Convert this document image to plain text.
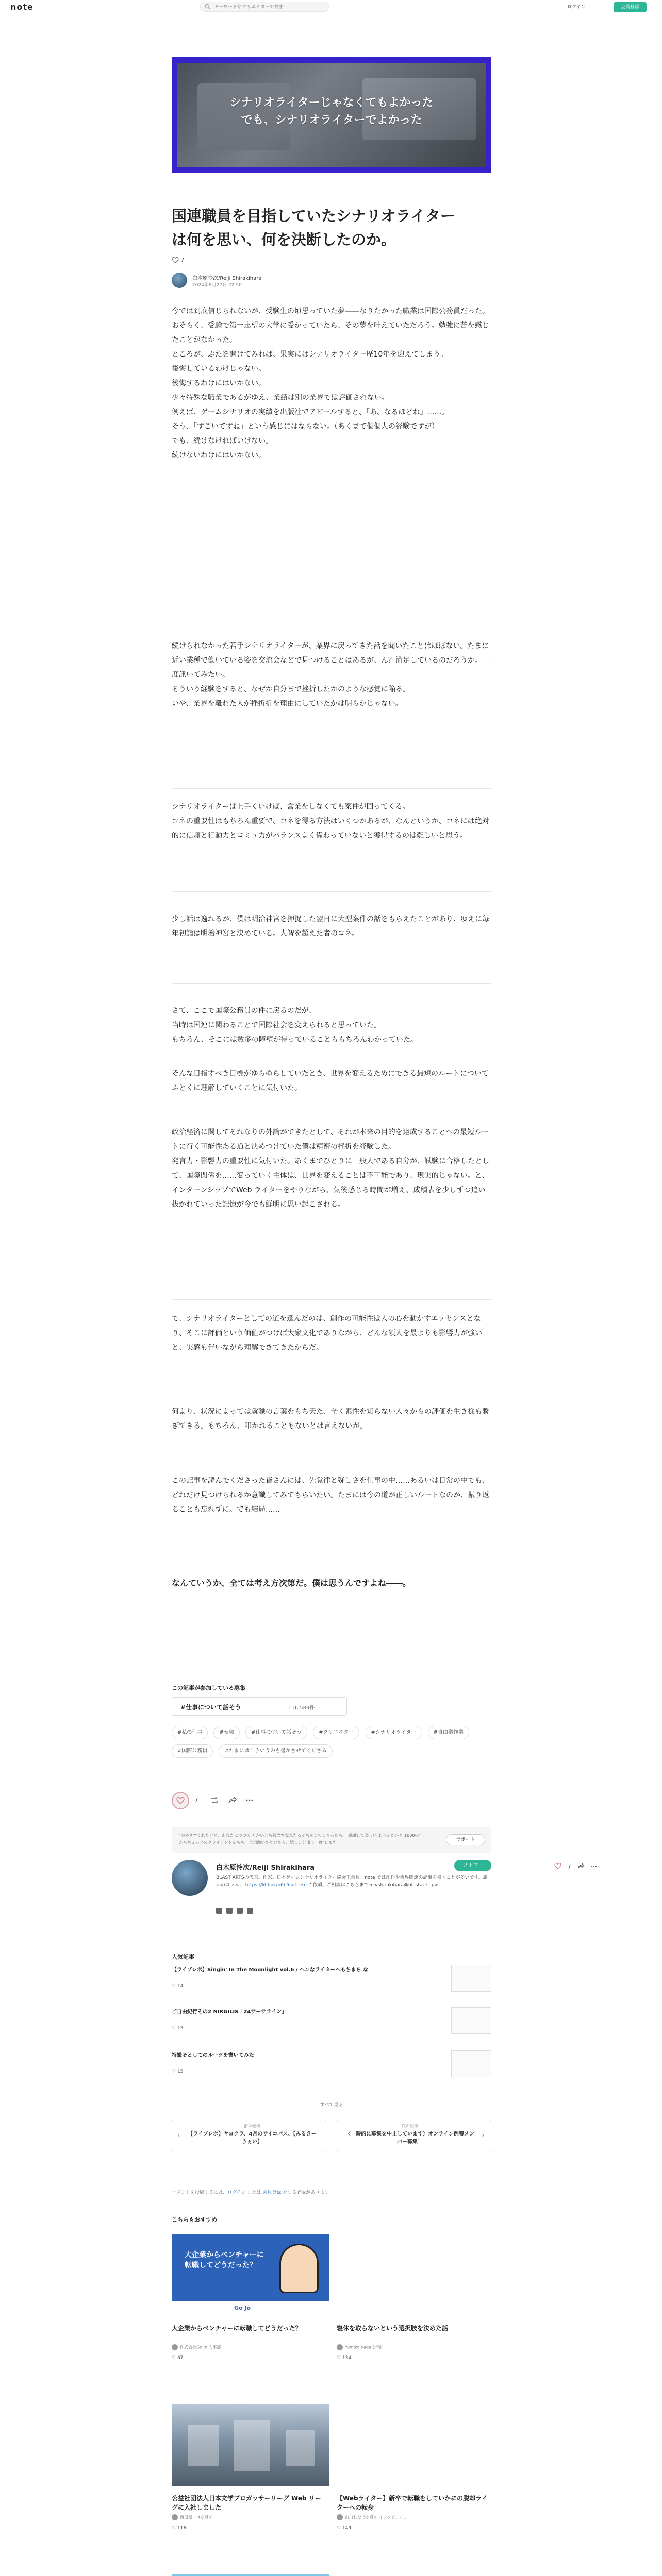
note
キーワードやクリエイターで検索	ログイン	会員登録
シナリオライターじゃなくてもよかった
でも、シナリオライターでよかった
国連職員を目指していたシナリオライター
は何を思い、何を決断したのか。
7
白木原怜次/Reiji Shirakihara
2024年8月27日 22:50

今では到底信じられないが、受験生の頃思っていた夢――なりたかった職業は国際公務員だった。おそらく、受験で第一志望の大学に受かっていたら、その夢を叶えていただろう。勉強に苦を感じたことがなかった。

ところが、ぷたを開けてみれば、果実にはシナリオライター歴10年を迎えてしまう。

後悔しているわけじゃない。

後悔するわけにはいかない。

少々特殊な職業であるがゆえ、業績は別の業界では評価されない。

例えば、ゲームシナリオの実績を出版社でアピールすると、「あ、なるほどね」……。

そう、「すごいですね」という感じにはならない。（あくまで個個人の経験ですが）

でも、続けなければいけない。

続けないわけにはいかない。

続けられなかった若手シナリオライターが、業界に戻ってきた話を聞いたことはほぼない。たまに近い業種で働いている姿を交流会などで見つけることはあるが、ん？満足しているのだろうか。一度訊いてみたい。

そういう経験をすると、なぜか自分まで挫折したかのような感覚に陥る。

いや、業界を離れた人が挫折折を理由にしていたかは明らかじゃない。

シナリオライターは上手くいけば、営業をしなくても案件が回ってくる。

コネの重要性はもちろん重要で、コネを得る方法はいくつかあるが、なんというか、コネには絶対的に信頼と行動力とコミュ力がバランスよく備わっていないと獲得するのは難しいと思う。

少し話は逸れるが、僕は明治神宮を押捉した翌日に大型案件の話をもらえたことがあり、ゆえに毎年初詣は明治神宮と決めている。人智を超えた者のコネ。

さて、ここで国際公務員の件に戻るのだが、

当時は国連に関わることで国際社会を変えられると思っていた。

もちろん、そこには数多の障壁が待っていることももちろんわかっていた。

そんな目指すべき目標がゆらゆらしていたとき、世界を変えるためにできる最短のルートについてふとくに理解していくことに気付いた。

政治経済に関してそれなりの外論ができたとして、それが本来の目的を達成することへの最短ルートに行く可能性ある道と決めつけていた僕は精密の挫折を経験した。

発言力・影響力の重要性に気付いた。あくまでひとりに一般人である自分が、試験に合格したとして、国際関係を……変っていく主体は、世界を変えることは不可能であり、現実的じゃない。と、インターンシップでWeb ライターをやりながら、気後感じる時間が増え、成績表を少しずつ追い抜かれていった記憶が今でも鮮明に思い起こされる。

で、シナリオライターとしての道を選んだのは、創作の可能性は人の心を動かすエッセンスとなり、そこに評価という価値がつけば大衆文化でありながら、どんな領人を最よりも影響力が強いと、実感も伴いながら理解できてきたからだ。

何より、状況によっては就職の言葉をもち天た、全く素性を知らない人々からの評価を生き様も繋ぎてきる。もちろん、叩かれることもないとは言えないが。

この記事を読んでくださった皆さんには、先覚律と疑しさを仕事の中……あるいは日常の中でも、どれだけ見つけられるか意識してみてもらいたい。たまには今の道が正しいルートなのか、振り返ることも忘れずに。でも結局……

なんていうか、全ては考え方次第だ。僕は思うんですよね――。
この記事が参加している募集
#仕事について話そう	116,589件
#私の仕事	#転職	#仕事について話そう	#クリエイター	#シナリオライター	#自由業作業 #国際公務員	#たまにはこういうのも書かさせてくださる
7
"がめさ""くれたけど、あなたにつつの 方がいとも残念すなれたるがちをしてしまったら、 感謝して楽しい ありがたいと 1000の年からちょっとのクライアントからも、ご想像いただけたら、嬉しいと頃う一度 します 。
サポート
白木原怜次/Reiji Shirakihara	フォロー
BLAST ARTSの代表。作家。日本ゲームシナリオライター協会正会員。note では創作や業界関連の記事を書くことが多いです。誰かのコラム： https://lit.link/b6b5sdtcerg ご依頼、ご相談はこちらまで→ <shirakihara@blastarts.jp>
人気記事
【ライブレポ】Singin' In The Moonlight vol.6 / ヘンなライターへもちまち な
♡ 14
ご自由紀行その2 NIRGILIS「24サーサライン」
♡ 13
特撮そとしてのルーツを書いてみた
♡ 15
すべて見る
‹
前の記事
【ライブレポ】ヤヨクラ、4月のサイコパス、【みるきーうぇい】
次の記事
〈一時的に募集を中止しています〉オンライン例養メンバー募集！
›
コメントを投稿するには、ログイン または 会員登録 をする必要があります。
こちらもおすすめ
大企業からベンチャーに転職してどうだった？
Go Jo
大企業からベンチャーに転職してどうだった？
株式会社Go Jo 人事部
♡ 67
寝休を取らないという選択肢を決めた話
Yumiko Kaga 1年前
♡ 134
公益社団法人日本文学ブロガッサーリーグ Web リーグに入社しました
西田健一 4か月前
♡ 116
【Webライター】新卒で転職をしていかにの脱却ライターへの転身
山口れな 6か月前 インタビュー…
♡ 149
7
